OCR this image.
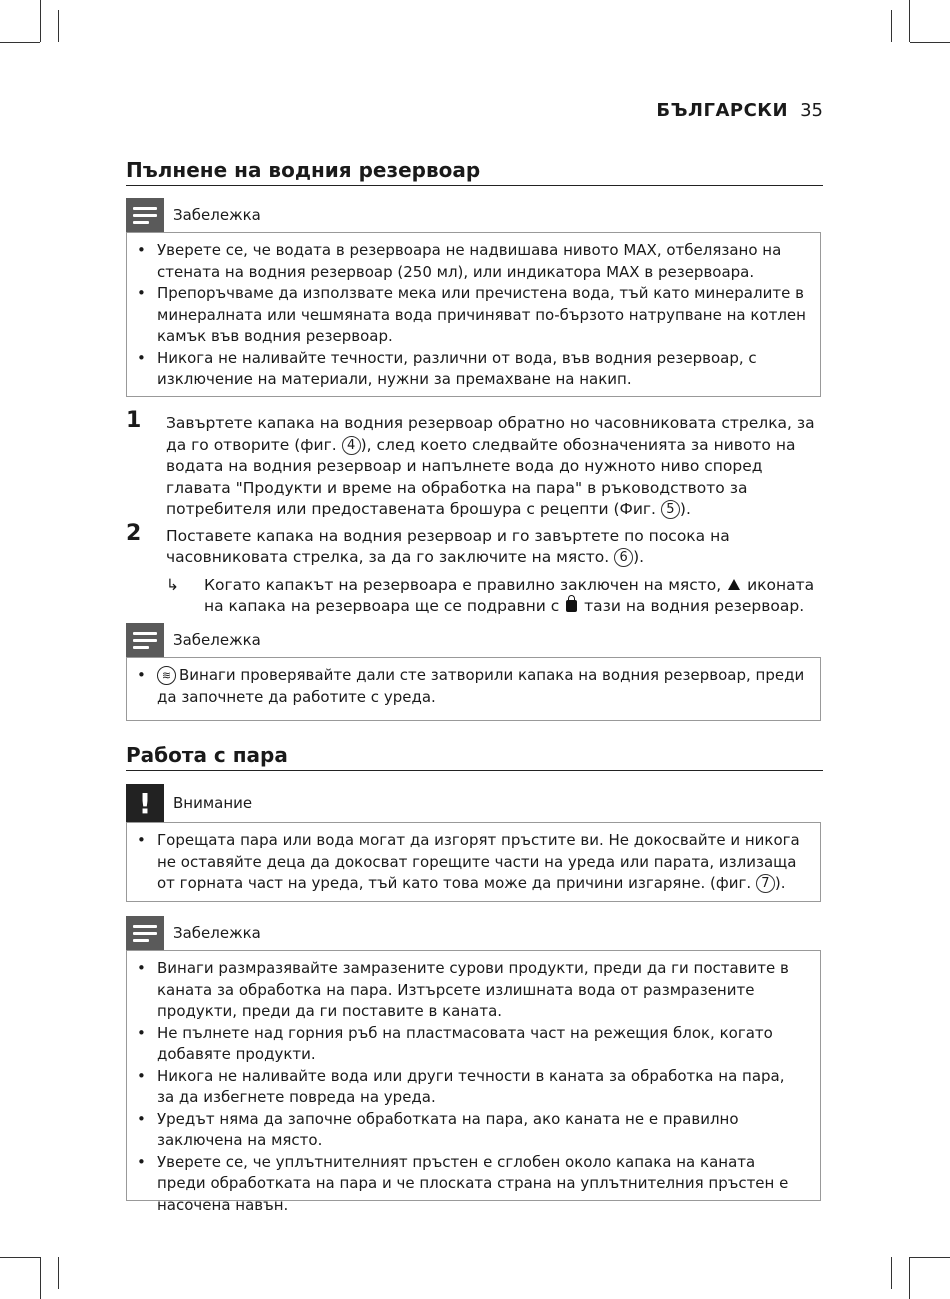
БЪЛГАРСКИ 35
Пълнене на водния резервоар
Забележка
• Уверете се, че водата в резервоара не надвишава нивото MAX, отбелязано на стената на водния резервоар (250 мл), или индикатора MAX в резервоара.
• Препоръчваме да използвате мека или пречистена вода, тъй като минералите в минералната или чешмяната вода причиняват по-бързото натрупване на котлен камък във водния резервоар.
• Никога не наливайте течности, различни от вода, във водния резервоар, с изключение на материали, нужни за премахване на накип.
1 Завъртете капака на водния резервоар обратно но часовниковата стрелка, за да го отворите (фиг. 4 ), след което следвайте обозначенията за нивото на водата на водния резервоар и напълнете вода до нужното ниво според главата "Продукти и време на обработка на пара" в ръководството за потребителя или предоставената брошура с рецепти (Фиг. 5 ).
2 Поставете капака на водния резервоар и го завъртете по посока на часовниковата стрелка, за да го заключите на място. 6 ).
↳ Когато капакът на резервоара е правилно заключен на място,  иконата на капака на резервоара ще се подравни с  тази на водния резервоар.
Забележка
• ≋ Винаги проверявайте дали сте затворили капака на водния резервоар, преди да започнете да работите с уреда.
Работа с пара
!	Внимание
• Горещата пара или вода могат да изгорят пръстите ви. Не докосвайте и никога не оставяйте деца да докосват горещите части на уреда или парата, излизаща от горната част на уреда, тъй като това може да причини изгаряне. (фиг. 7 ).
Забележка
• Винаги размразявайте замразените сурови продукти, преди да ги поставите в каната за обработка на пара. Изтърсете излишната вода от размразените продукти, преди да ги поставите в каната.
• Не пълнете над горния ръб на пластмасовата част на режещия блок, когато добавяте продукти.
• Никога не наливайте вода или други течности в каната за обработка на пара, за да избегнете повреда на уреда.
• Уредът няма да започне обработката на пара, ако каната не е правилно заключена на място.
• Уверете се, че уплътнителният пръстен е сглобен около капака на каната преди обработката на пара и че плоската страна на уплътнителния пръстен е насочена навън.
